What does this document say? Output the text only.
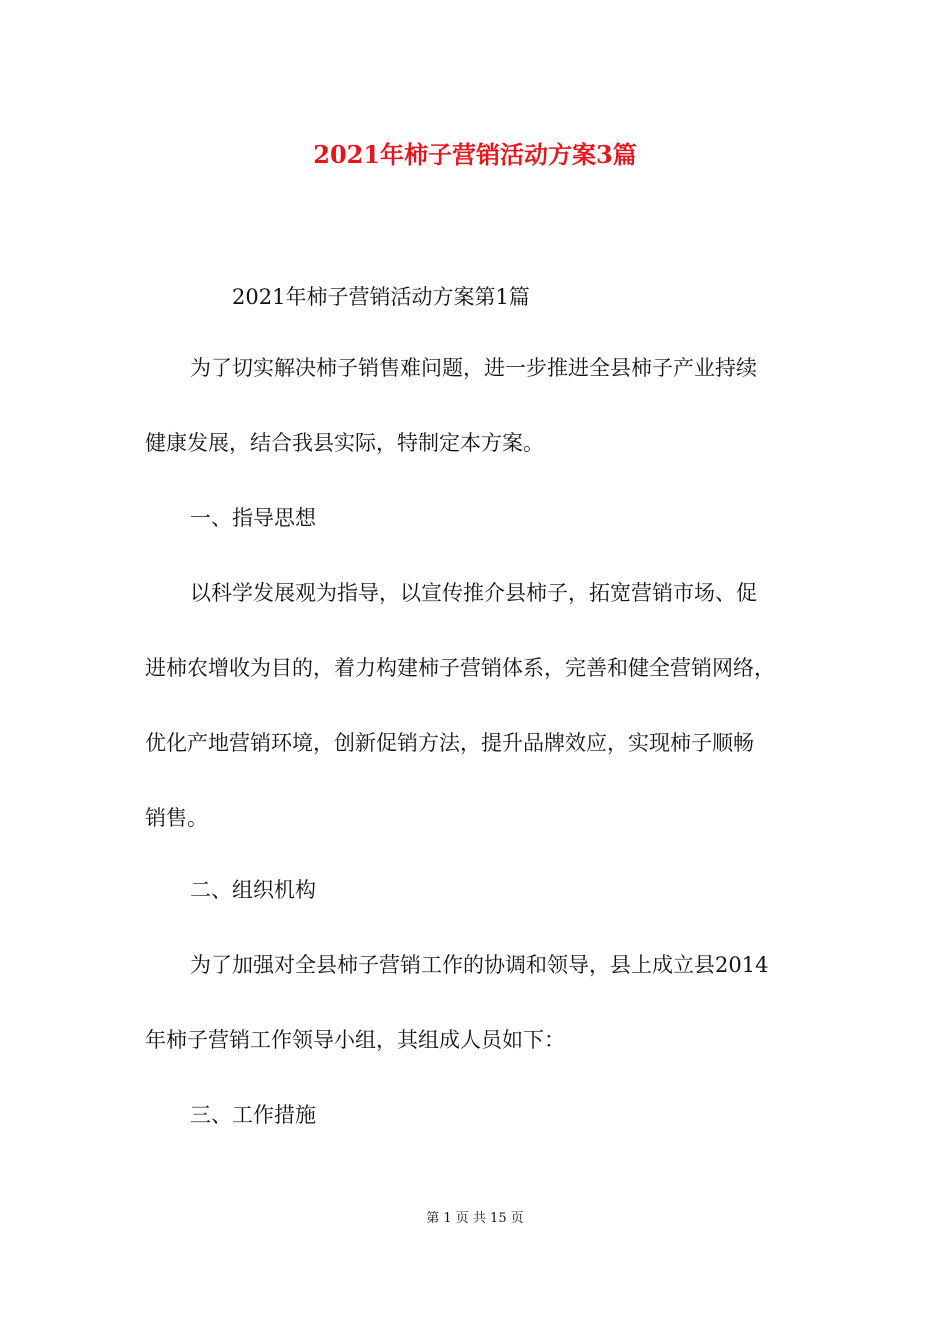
2021年柿子营销活动方案3篇
2021年柿子营销活动方案第1篇
为了切实解决柿子销售难问题，进一步推进全县柿子产业持续
健康发展，结合我县实际，特制定本方案。
一、指导思想
以科学发展观为指导，以宣传推介县柿子，拓宽营销市场、促
进柿农增收为目的，着力构建柿子营销体系，完善和健全营销网络，
优化产地营销环境，创新促销方法，提升品牌效应，实现柿子顺畅
销售。
二、组织机构
为了加强对全县柿子营销工作的协调和领导，县上成立县2014
年柿子营销工作领导小组，其组成人员如下：
三、工作措施
第 1 页 共 15 页
